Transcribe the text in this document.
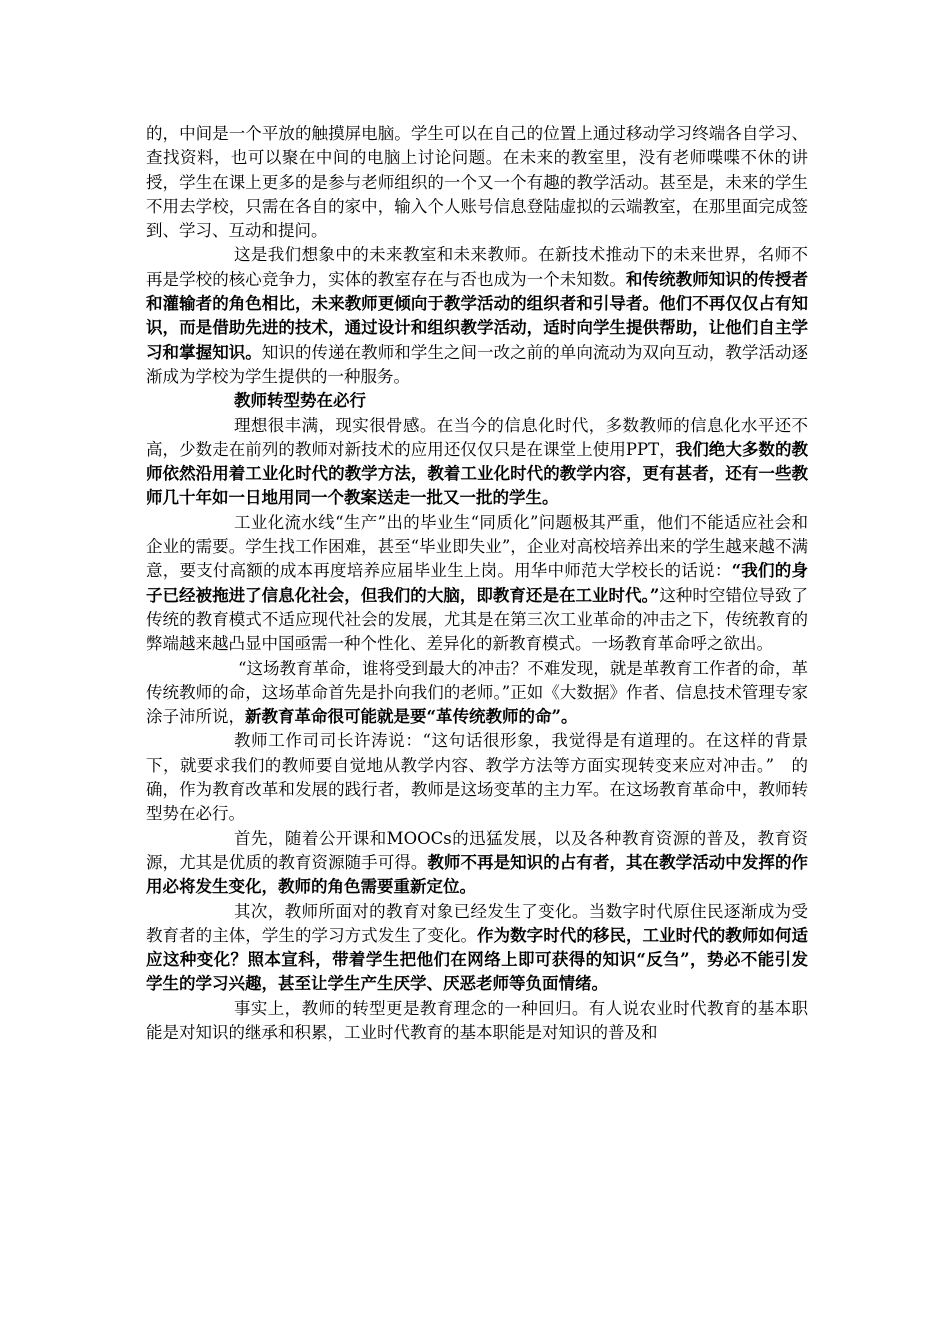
的，中间是一个平放的触摸屏电脑。学生可以在自己的位置上通过移动学习终端各自学习、查找资料，也可以聚在中间的电脑上讨论问题。在未来的教室里，没有老师喋喋不休的讲授，学生在课上更多的是参与老师组织的一个又一个有趣的教学活动。甚至是，未来的学生不用去学校，只需在各自的家中，输入个人账号信息登陆虚拟的云端教室，在那里面完成签到、学习、互动和提问。

这是我们想象中的未来教室和未来教师。在新技术推动下的未来世界，名师不再是学校的核心竞争力，实体的教室存在与否也成为一个未知数。和传统教师知识的传授者和灌输者的角色相比，未来教师更倾向于教学活动的组织者和引导者。他们不再仅仅占有知识，而是借助先进的技术，通过设计和组织教学活动，适时向学生提供帮助，让他们自主学习和掌握知识。知识的传递在教师和学生之间一改之前的单向流动为双向互动，教学活动逐渐成为学校为学生提供的一种服务。

教师转型势在必行

理想很丰满，现实很骨感。在当今的信息化时代，多数教师的信息化水平还不高，少数走在前列的教师对新技术的应用还仅仅只是在课堂上使用PPT，我们绝大多数的教师依然沿用着工业化时代的教学方法，教着工业化时代的教学内容，更有甚者，还有一些教师几十年如一日地用同一个教案送走一批又一批的学生。

工业化流水线“生产”出的毕业生“同质化”问题极其严重，他们不能适应社会和企业的需要。学生找工作困难，甚至“毕业即失业”，企业对高校培养出来的学生越来越不满意，要支付高额的成本再度培养应届毕业生上岗。用华中师范大学校长的话说：“我们的身子已经被拖进了信息化社会，但我们的大脑，即教育还是在工业时代。”这种时空错位导致了传统的教育模式不适应现代社会的发展，尤其是在第三次工业革命的冲击之下，传统教育的弊端越来越凸显中国亟需一种个性化、差异化的新教育模式。一场教育革命呼之欲出。

“这场教育革命，谁将受到最大的冲击？不难发现，就是革教育工作者的命，革传统教师的命，这场革命首先是扑向我们的老师。”正如《大数据》作者、信息技术管理专家涂子沛所说，新教育革命很可能就是要“革传统教师的命”。

教师工作司司长许涛说：“这句话很形象，我觉得是有道理的。在这样的背景下，就要求我们的教师要自觉地从教学内容、教学方法等方面实现转变来应对冲击。”　的确，作为教育改革和发展的践行者，教师是这场变革的主力军。在这场教育革命中，教师转型势在必行。

首先，随着公开课和MOOCs的迅猛发展，以及各种教育资源的普及，教育资源，尤其是优质的教育资源随手可得。教师不再是知识的占有者，其在教学活动中发挥的作用必将发生变化，教师的角色需要重新定位。

其次，教师所面对的教育对象已经发生了变化。当数字时代原住民逐渐成为受教育者的主体，学生的学习方式发生了变化。作为数字时代的移民，工业时代的教师如何适应这种变化？照本宣科，带着学生把他们在网络上即可获得的知识“反刍”，势必不能引发学生的学习兴趣，甚至让学生产生厌学、厌恶老师等负面情绪。

事实上，教师的转型更是教育理念的一种回归。有人说农业时代教育的基本职能是对知识的继承和积累，工业时代教育的基本职能是对知识的普及和
